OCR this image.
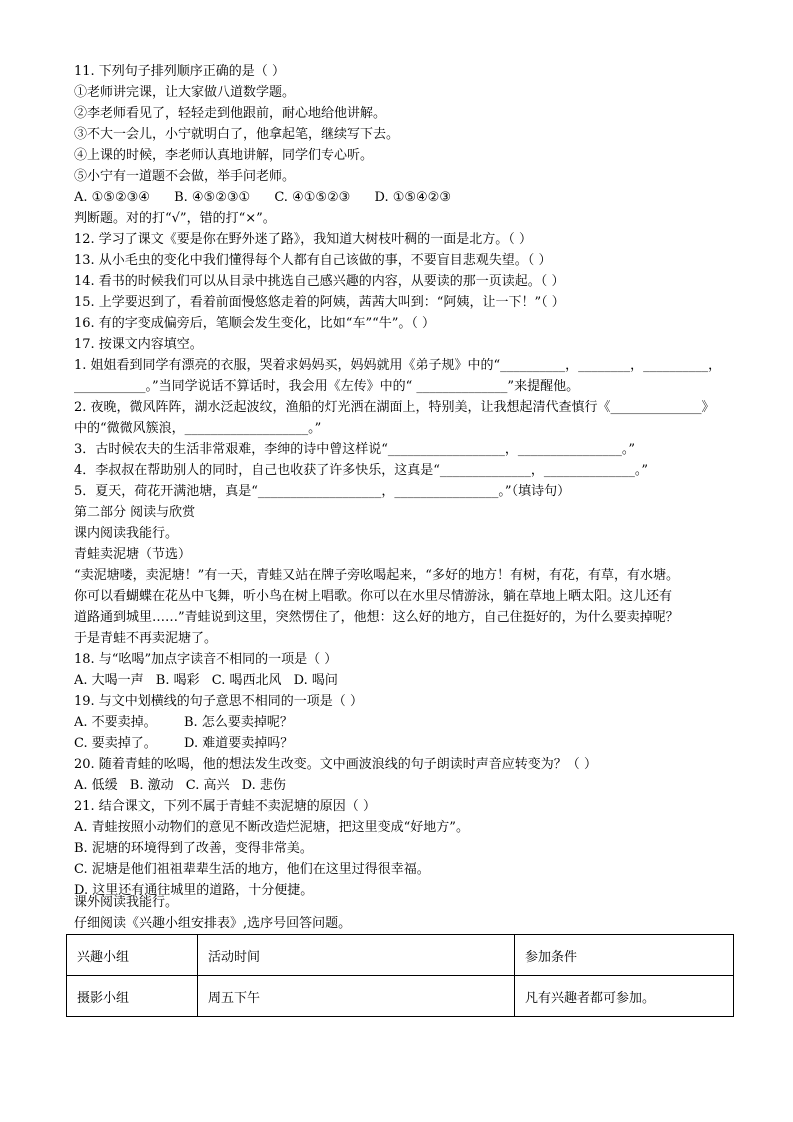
11. 下列句子排列顺序正确的是（ ）
①老师讲完课，让大家做八道数学题。
②李老师看见了，轻轻走到他跟前，耐心地给他讲解。
③不大一会儿，小宁就明白了，他拿起笔，继续写下去。
④上课的时候，李老师认真地讲解，同学们专心听。
⑤小宁有一道题不会做，举手问老师。
A. ①⑤②③④ B. ④⑤②③① C. ④①⑤②③ D. ①⑤④②③
判断题。对的打“√”，错的打“×”。
12. 学习了课文《要是你在野外迷了路》，我知道大树枝叶稠的一面是北方。（ ）
13. 从小毛虫的变化中我们懂得每个人都有自己该做的事，不要盲目悲观失望。（ ）
14. 看书的时候我们可以从目录中挑选自己感兴趣的内容，从要读的那一页读起。（ ）
15. 上学要迟到了，看着前面慢悠悠走着的阿姨，茜茜大叫到：“阿姨，让一下！”（ ）
16. 有的字变成偏旁后，笔顺会发生变化，比如“车”“牛”。（ ）
17. 按课文内容填空。
1. 姐姐看到同学有漂亮的衣服，哭着求妈妈买，妈妈就用《弟子规》中的“__________，________，__________，
___________。”当同学说话不算话时，我会用《左传》中的“ ______________”来提醒他。
2. 夜晚，微风阵阵，湖水泛起波纹，渔船的灯光洒在湖面上，特别美，让我想起清代查慎行《______________》
中的“微微风簇浪，___________________。”
3．古时候农夫的生活非常艰难，李绅的诗中曾这样说“__________________，________________。”
4．李叔叔在帮助别人的同时，自己也收获了许多快乐，这真是“______________，______________。”
5．夏天，荷花开满池塘，真是“___________________，________________。”（填诗句）
第二部分 阅读与欣赏
课内阅读我能行。
青蛙卖泥塘（节选）
“卖泥塘喽，卖泥塘！”有一天，青蛙又站在牌子旁吆喝起来，“多好的地方！有树，有花，有草，有水塘。
你可以看蝴蝶在花丛中飞舞，听小鸟在树上唱歌。你可以在水里尽情游泳，躺在草地上晒太阳。这儿还有
道路通到城里……”青蛙说到这里，突然愣住了，他想：这么好的地方，自己住挺好的，为什么要卖掉呢？
于是青蛙不再卖泥塘了。
18. 与“吆喝”加点字读音不相同的一项是（ ）
A. 大喝一声 B. 喝彩 C. 喝西北风 D. 喝问
19. 与文中划横线的句子意思不相同的一项是（ ）
A. 不要卖掉。 B. 怎么要卖掉呢？
C. 要卖掉了。 D. 难道要卖掉吗？
20. 随着青蛙的吆喝，他的想法发生改变。文中画波浪线的句子朗读时声音应转变为？（ ）
A. 低缓 B. 激动 C. 高兴 D. 悲伤
21. 结合课文，下列不属于青蛙不卖泥塘的原因（ ）
A. 青蛙按照小动物们的意见不断改造烂泥塘，把这里变成“好地方”。
B. 泥塘的环境得到了改善，变得非常美。
C. 泥塘是他们祖祖辈辈生活的地方，他们在这里过得很幸福。
D. 这里还有通往城里的道路，十分便捷。
课外阅读我能行。
仔细阅读《兴趣小组安排表》,选序号回答问题。
兴趣小组	活动时间	参加条件
摄影小组	周五下午	凡有兴趣者都可参加。
